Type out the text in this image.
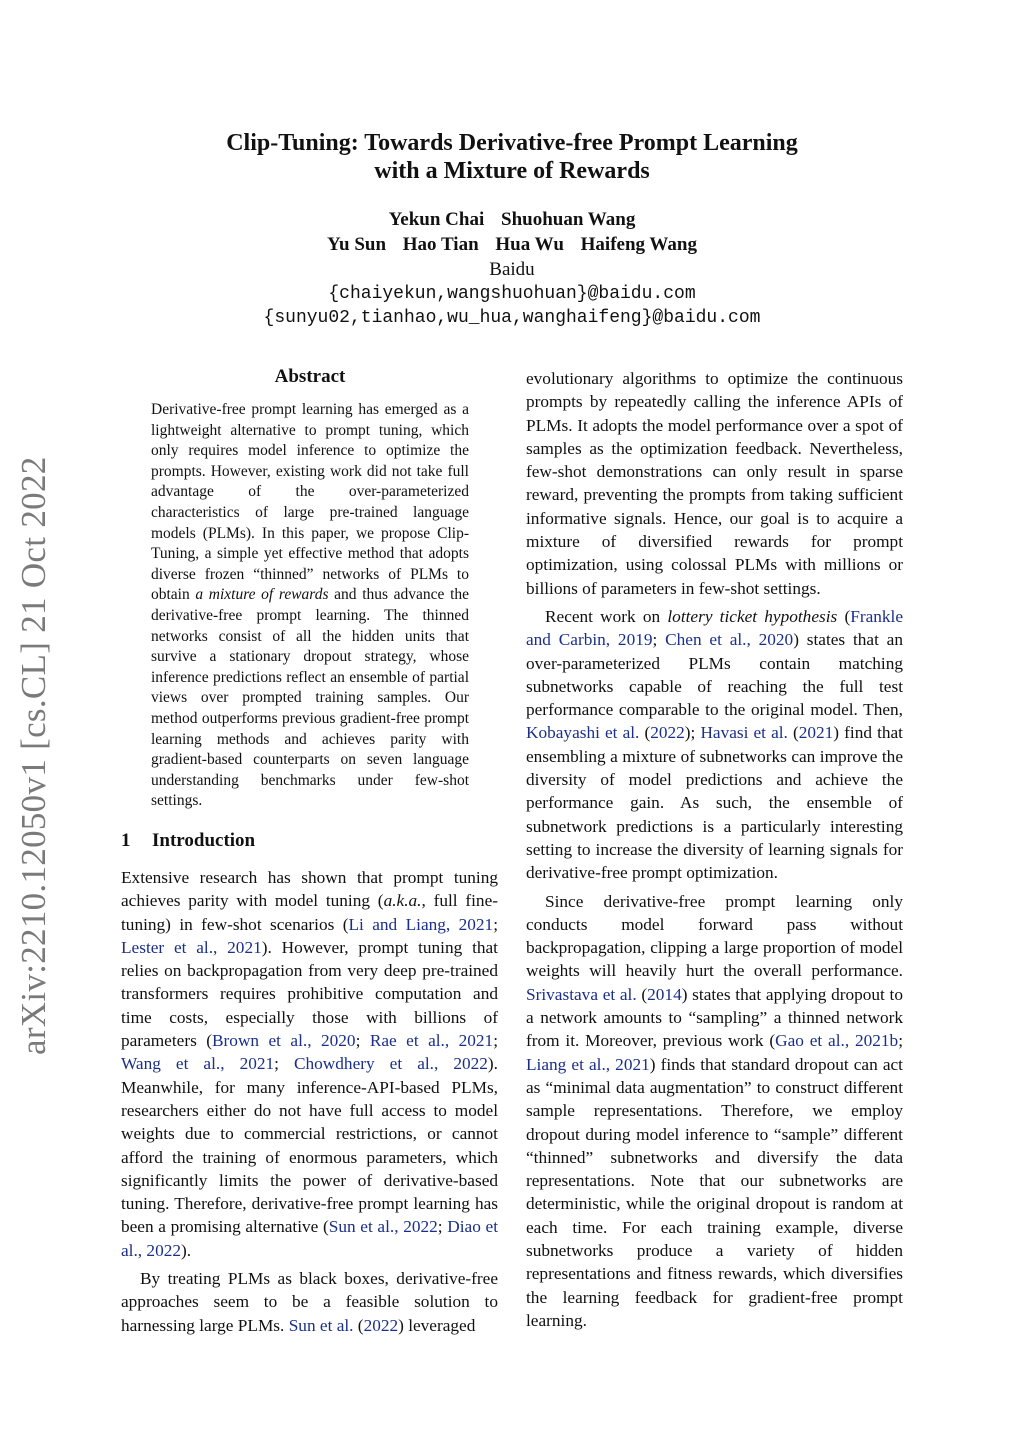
arXiv:2210.12050v1 [cs.CL] 21 Oct 2022
Clip-Tuning: Towards Derivative-free Prompt Learning
with a Mixture of Rewards
Yekun Chai Shuohuan Wang
Yu Sun Hao Tian Hua Wu Haifeng Wang
Baidu
{chaiyekun,wangshuohuan}@baidu.com
{sunyu02,tianhao,wu_hua,wanghaifeng}@baidu.com
Abstract

Derivative-free prompt learning has emerged as a lightweight alternative to prompt tuning, which only requires model inference to optimize the prompts. However, existing work did not take full advantage of the over-parameterized characteristics of large pre-trained language models (PLMs). In this paper, we propose Clip-Tuning, a simple yet effective method that adopts diverse frozen “thinned” networks of PLMs to obtain a mixture of rewards and thus advance the derivative-free prompt learning. The thinned networks consist of all the hidden units that survive a stationary dropout strategy, whose inference predictions reflect an ensemble of partial views over prompted training samples. Our method outperforms previous gradient-free prompt learning methods and achieves parity with gradient-based counterparts on seven language understanding benchmarks under few-shot settings.

1 Introduction

Extensive research has shown that prompt tuning achieves parity with model tuning (a.k.a., full fine-tuning) in few-shot scenarios (Li and Liang, 2021; Lester et al., 2021). However, prompt tuning that relies on backpropagation from very deep pre-trained transformers requires prohibitive computation and time costs, especially those with billions of parameters (Brown et al., 2020; Rae et al., 2021; Wang et al., 2021; Chowdhery et al., 2022). Meanwhile, for many inference-API-based PLMs, researchers either do not have full access to model weights due to commercial restrictions, or cannot afford the training of enormous parameters, which significantly limits the power of derivative-based tuning. Therefore, derivative-free prompt learning has been a promising alternative (Sun et al., 2022; Diao et al., 2022).

By treating PLMs as black boxes, derivative-free approaches seem to be a feasible solution to harnessing large PLMs. Sun et al. (2022) leveraged

evolutionary algorithms to optimize the continuous prompts by repeatedly calling the inference APIs of PLMs. It adopts the model performance over a spot of samples as the optimization feedback. Nevertheless, few-shot demonstrations can only result in sparse reward, preventing the prompts from taking sufficient informative signals. Hence, our goal is to acquire a mixture of diversified rewards for prompt optimization, using colossal PLMs with millions or billions of parameters in few-shot settings.

Recent work on lottery ticket hypothesis (Frankle and Carbin, 2019; Chen et al., 2020) states that an over-parameterized PLMs contain matching subnetworks capable of reaching the full test performance comparable to the original model. Then, Kobayashi et al. (2022); Havasi et al. (2021) find that ensembling a mixture of subnetworks can improve the diversity of model predictions and achieve the performance gain. As such, the ensemble of subnetwork predictions is a particularly interesting setting to increase the diversity of learning signals for derivative-free prompt optimization.

Since derivative-free prompt learning only conducts model forward pass without backpropagation, clipping a large proportion of model weights will heavily hurt the overall performance. Srivastava et al. (2014) states that applying dropout to a network amounts to “sampling” a thinned network from it. Moreover, previous work (Gao et al., 2021b; Liang et al., 2021) finds that standard dropout can act as “minimal data augmentation” to construct different sample representations. Therefore, we employ dropout during model inference to “sample” different “thinned” subnetworks and diversify the data representations. Note that our subnetworks are deterministic, while the original dropout is random at each time. For each training example, diverse subnetworks produce a variety of hidden representations and fitness rewards, which diversifies the learning feedback for gradient-free prompt learning.
